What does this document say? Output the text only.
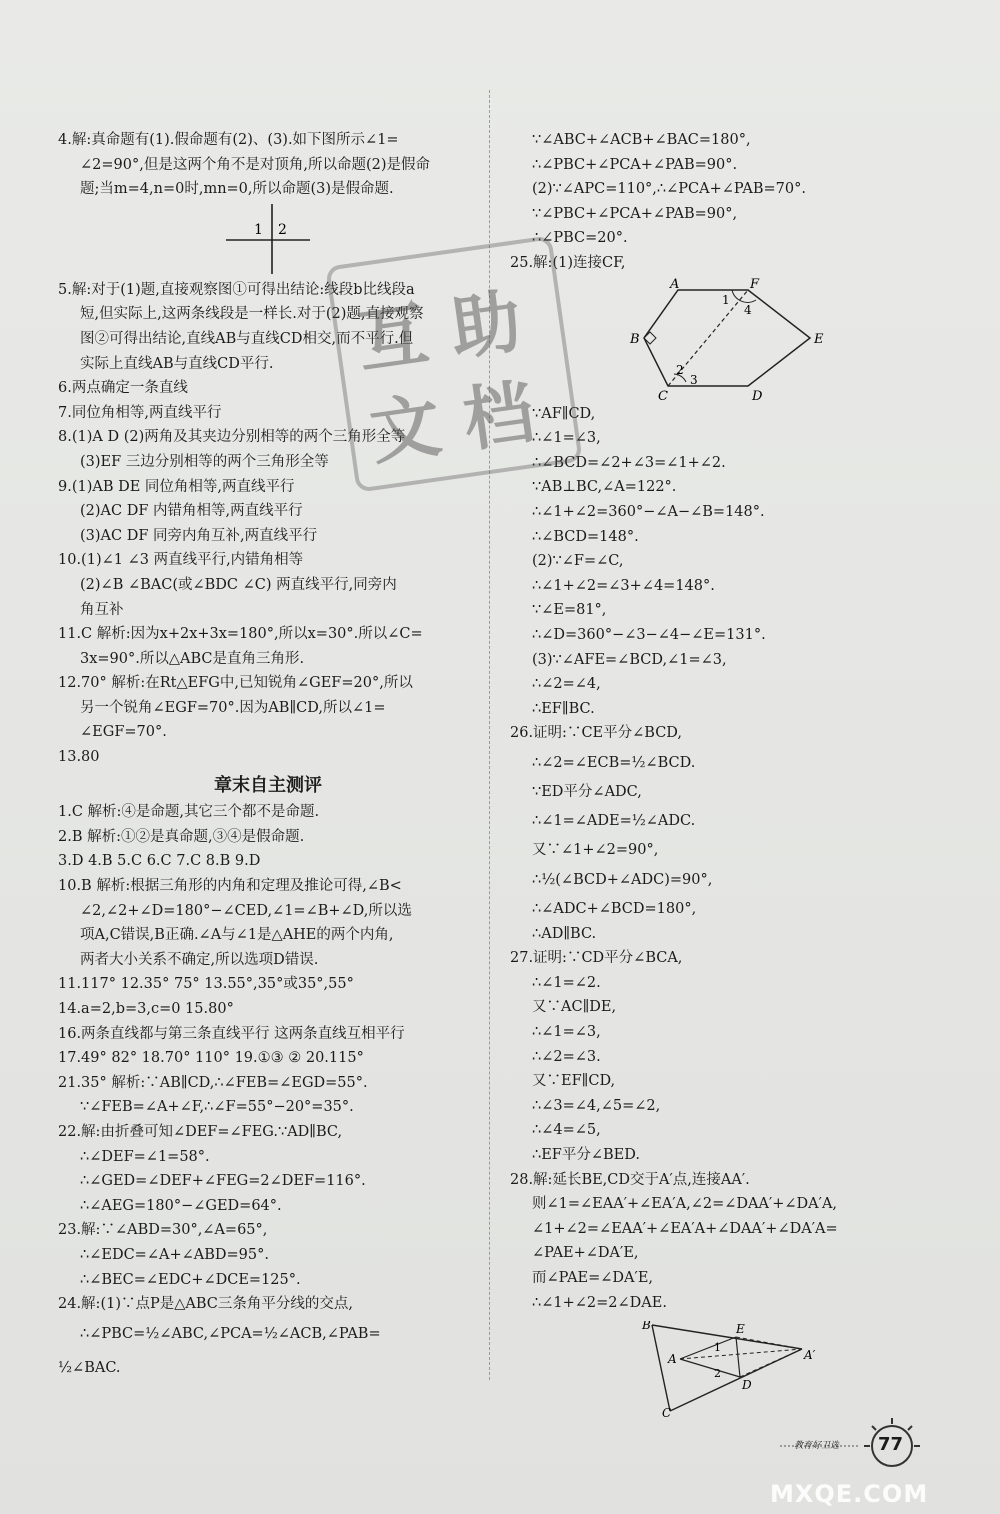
4.解:真命题有(1).假命题有(2)、(3).如下图所示∠1=
∠2=90°,但是这两个角不是对顶角,所以命题(2)是假命
题;当m=4,n=0时,mn=0,所以命题(3)是假命题.
1 2
5.解:对于(1)题,直接观察图①可得出结论:线段b比线段a
短,但实际上,这两条线段是一样长.对于(2)题,直接观察
图②可得出结论,直线AB与直线CD相交,而不平行.但
实际上直线AB与直线CD平行.
6.两点确定一条直线
7.同位角相等,两直线平行
8.(1)A D (2)两角及其夹边分别相等的两个三角形全等
(3)EF 三边分别相等的两个三角形全等
9.(1)AB DE 同位角相等,两直线平行
(2)AC DF 内错角相等,两直线平行
(3)AC DF 同旁内角互补,两直线平行
10.(1)∠1 ∠3 两直线平行,内错角相等
(2)∠B ∠BAC(或∠BDC ∠C) 两直线平行,同旁内
角互补
11.C 解析:因为x+2x+3x=180°,所以x=30°.所以∠C=
3x=90°.所以△ABC是直角三角形.
12.70° 解析:在Rt△EFG中,已知锐角∠GEF=20°,所以
另一个锐角∠EGF=70°.因为AB∥CD,所以∠1=
∠EGF=70°.
13.80
章末自主测评
1.C 解析:④是命题,其它三个都不是命题.
2.B 解析:①②是真命题,③④是假命题.
3.D 4.B 5.C 6.C 7.C 8.B 9.D
10.B 解析:根据三角形的内角和定理及推论可得,∠B<
∠2,∠2+∠D=180°−∠CED,∠1=∠B+∠D,所以选
项A,C错误,B正确.∠A与∠1是△AHE的两个内角,
两者大小关系不确定,所以选项D错误.
11.117° 12.35° 75° 13.55°,35°或35°,55°
14.a=2,b=3,c=0 15.80°
16.两条直线都与第三条直线平行 这两条直线互相平行
17.49° 82° 18.70° 110° 19.①③ ② 20.115°
21.35° 解析:∵AB∥CD,∴∠FEB=∠EGD=55°.
∵∠FEB=∠A+∠F,∴∠F=55°−20°=35°.
22.解:由折叠可知∠DEF=∠FEG.∵AD∥BC,
∴∠DEF=∠1=58°.
∴∠GED=∠DEF+∠FEG=2∠DEF=116°.
∴∠AEG=180°−∠GED=64°.
23.解:∵∠ABD=30°,∠A=65°,
∴∠EDC=∠A+∠ABD=95°.
∴∠BEC=∠EDC+∠DCE=125°.
24.解:(1)∵点P是△ABC三条角平分线的交点,
∴∠PBC=½∠ABC,∠PCA=½∠ACB,∠PAB=
½∠BAC.
∵∠ABC+∠ACB+∠BAC=180°,
∴∠PBC+∠PCA+∠PAB=90°.
(2)∵∠APC=110°,∴∠PCA+∠PAB=70°.
∵∠PBC+∠PCA+∠PAB=90°,
∴∠PBC=20°.
25.解:(1)连接CF,
A	F
B	E
C	D
1
2
3
4
∵AF∥CD,
∴∠1=∠3,
∴∠BCD=∠2+∠3=∠1+∠2.
∵AB⊥BC,∠A=122°.
∴∠1+∠2=360°−∠A−∠B=148°.
∴∠BCD=148°.
(2)∵∠F=∠C,
∴∠1+∠2=∠3+∠4=148°.
∵∠E=81°,
∴∠D=360°−∠3−∠4−∠E=131°.
(3)∵∠AFE=∠BCD,∠1=∠3,
∴∠2=∠4,
∴EF∥BC.
26.证明:∵CE平分∠BCD,
∴∠2=∠ECB=½∠BCD.
∵ED平分∠ADC,
∴∠1=∠ADE=½∠ADC.
又∵∠1+∠2=90°,
∴½(∠BCD+∠ADC)=90°,
∴∠ADC+∠BCD=180°,
∴AD∥BC.
27.证明:∵CD平分∠BCA,
∴∠1=∠2.
又∵AC∥DE,
∴∠1=∠3,
∴∠2=∠3.
又∵EF∥CD,
∴∠3=∠4,∠5=∠2,
∴∠4=∠5,
∴EF平分∠BED.
28.解:延长BE,CD交于A′点,连接AA′.
则∠1=∠EAA′+∠EA′A,∠2=∠DAA′+∠DA′A,
∠1+∠2=∠EAA′+∠EA′A+∠DAA′+∠DA′A=
∠PAE+∠DA′E,
而∠PAE=∠DA′E,
∴∠1+∠2=2∠DAE.
B	E
A	A′
D
C
1
2
互 助
文 档
教育好卫选 77
MXQE.COM
